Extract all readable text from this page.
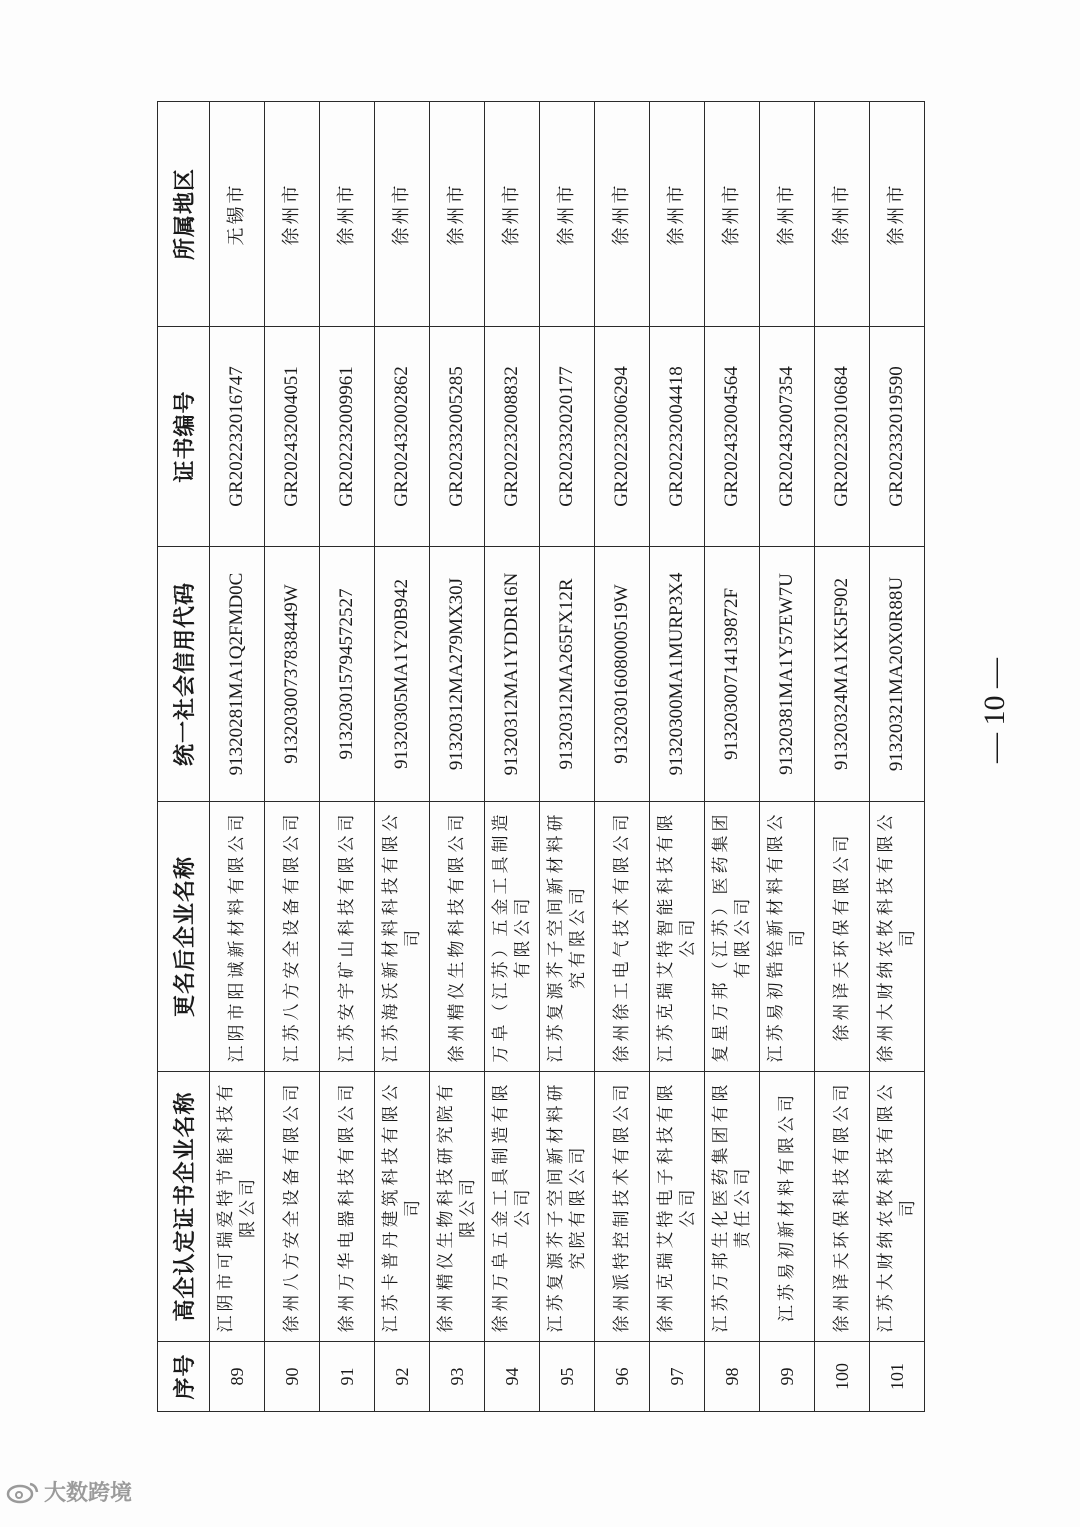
序号	高企认定证书企业名称	更名后企业名称	统一社会信用代码	证书编号	所属地区
89	江阴市可瑞爱特节能科技有限公司	江阴市阳诚新材料有限公司	91320281MA1Q2FMD0C	GR202232016747	无锡市
90	徐州八方安全设备有限公司	江苏八方安全设备有限公司	91320300737838449W	GR202432004051	徐州市
91	徐州万华电器科技有限公司	江苏安宇矿山科技有限公司	913203015794572527	GR202232009961	徐州市
92	江苏卡普丹建筑科技有限公司	江苏海沃新材料科技有限公司	91320305MA1Y20B942	GR202432002862	徐州市
93	徐州精仪生物科技研究院有限公司	徐州精仪生物科技有限公司	91320312MA279MX30J	GR202332005285	徐州市
94	徐州万阜五金工具制造有限公司	万阜（江苏）五金工具制造有限公司	91320312MA1YDDR16N	GR202232008832	徐州市
95	江苏复源芥子空间新材料研究院有限公司	江苏复源芥子空间新材料研究有限公司	91320312MA265FX12R	GR202332020177	徐州市
96	徐州派特控制技术有限公司	徐州徐工电气技术有限公司	91320301608000519W	GR202232006294	徐州市
97	徐州克瑞艾特电子科技有限公司	江苏克瑞艾特智能科技有限公司	91320300MA1MURP3X4	GR202232004418	徐州市
98	江苏万邦生化医药集团有限责任公司	复星万邦（江苏）医药集团有限公司	91320300714139872F	GR202432004564	徐州市
99	江苏易初新材料有限公司	江苏易初锆铪新材料有限公司	91320381MA1Y57EW7U	GR202432007354	徐州市
100	徐州译天环保科技有限公司	徐州译天环保有限公司	91320324MA1XK5F902	GR202232010684	徐州市
101	江苏大财纳农牧科技有限公司	徐州大财纳农牧科技有限公司	91320321MA20X0R88U	GR202332019590	徐州市
— 10 —
大数跨境
